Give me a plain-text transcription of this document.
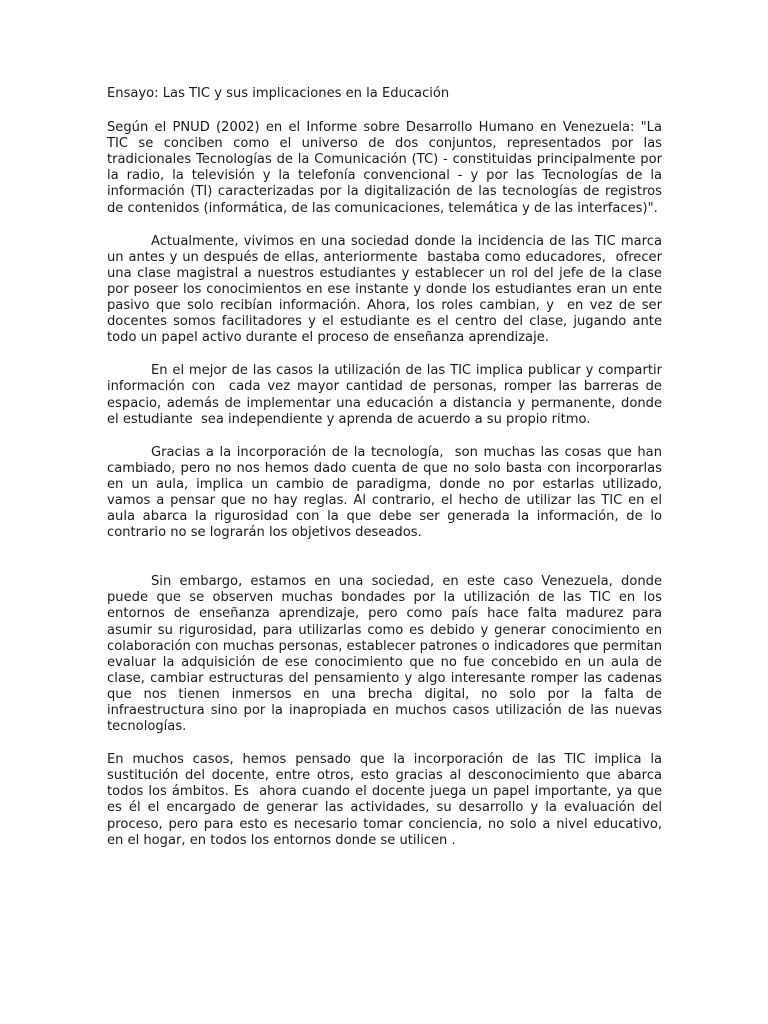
Ensayo: Las TIC y sus implicaciones en la Educación

Según el PNUD (2002) en el Informe sobre Desarrollo Humano en Venezuela: "La TIC se conciben como el universo de dos conjuntos, representados por las tradicionales Tecnologías de la Comunicación (TC) - constituidas principalmente por la radio, la televisión y la telefonía convencional - y por las Tecnologías de la información (TI) caracterizadas por la digitalización de las tecnologías de registros de contenidos (informática, de las comunicaciones, telemática y de las interfaces)".

Actualmente, vivimos en una sociedad donde la incidencia de las TIC marca un antes y un después de ellas, anteriormente  bastaba como educadores,  ofrecer una clase magistral a nuestros estudiantes y establecer un rol del jefe de la clase por poseer los conocimientos en ese instante y donde los estudiantes eran un ente pasivo que solo recibían información. Ahora, los roles cambian, y  en vez de ser docentes somos facilitadores y el estudiante es el centro del clase, jugando ante todo un papel activo durante el proceso de enseñanza aprendizaje.

En el mejor de las casos la utilización de las TIC implica publicar y compartir información con  cada vez mayor cantidad de personas, romper las barreras de  espacio, además de implementar una educación a distancia y permanente, donde el estudiante  sea independiente y aprenda de acuerdo a su propio ritmo.

Gracias a la incorporación de la tecnología,  son muchas las cosas que han cambiado, pero no nos hemos dado cuenta de que no solo basta con incorporarlas en un aula, implica un cambio de paradigma, donde no por estarlas utilizado, vamos a pensar que no hay reglas. Al contrario, el hecho de utilizar las TIC en el aula abarca la rigurosidad con la que debe ser generada la información, de lo contrario no se lograrán los objetivos deseados.

Sin embargo, estamos en una sociedad, en este caso Venezuela, donde puede que se observen muchas bondades por la utilización de las TIC en los entornos de enseñanza aprendizaje, pero como país hace falta madurez para asumir su rigurosidad, para utilizarlas como es debido y generar conocimiento en colaboración con muchas personas, establecer patrones o indicadores que permitan evaluar la adquisición de ese conocimiento que no fue concebido en un aula de clase, cambiar estructuras del pensamiento y algo interesante romper las cadenas que nos tienen inmersos en una brecha digital, no solo por la falta de infraestructura sino por la inapropiada en muchos casos utilización de las nuevas tecnologías.

En muchos casos, hemos pensado que la incorporación de las TIC implica la sustitución del docente, entre otros, esto gracias al desconocimiento que abarca todos los ámbitos. Es  ahora cuando el docente juega un papel importante, ya que es él el encargado de generar las actividades, su desarrollo y la evaluación del proceso, pero para esto es necesario tomar conciencia, no solo a nivel educativo, en el hogar, en todos los entornos donde se utilicen .
